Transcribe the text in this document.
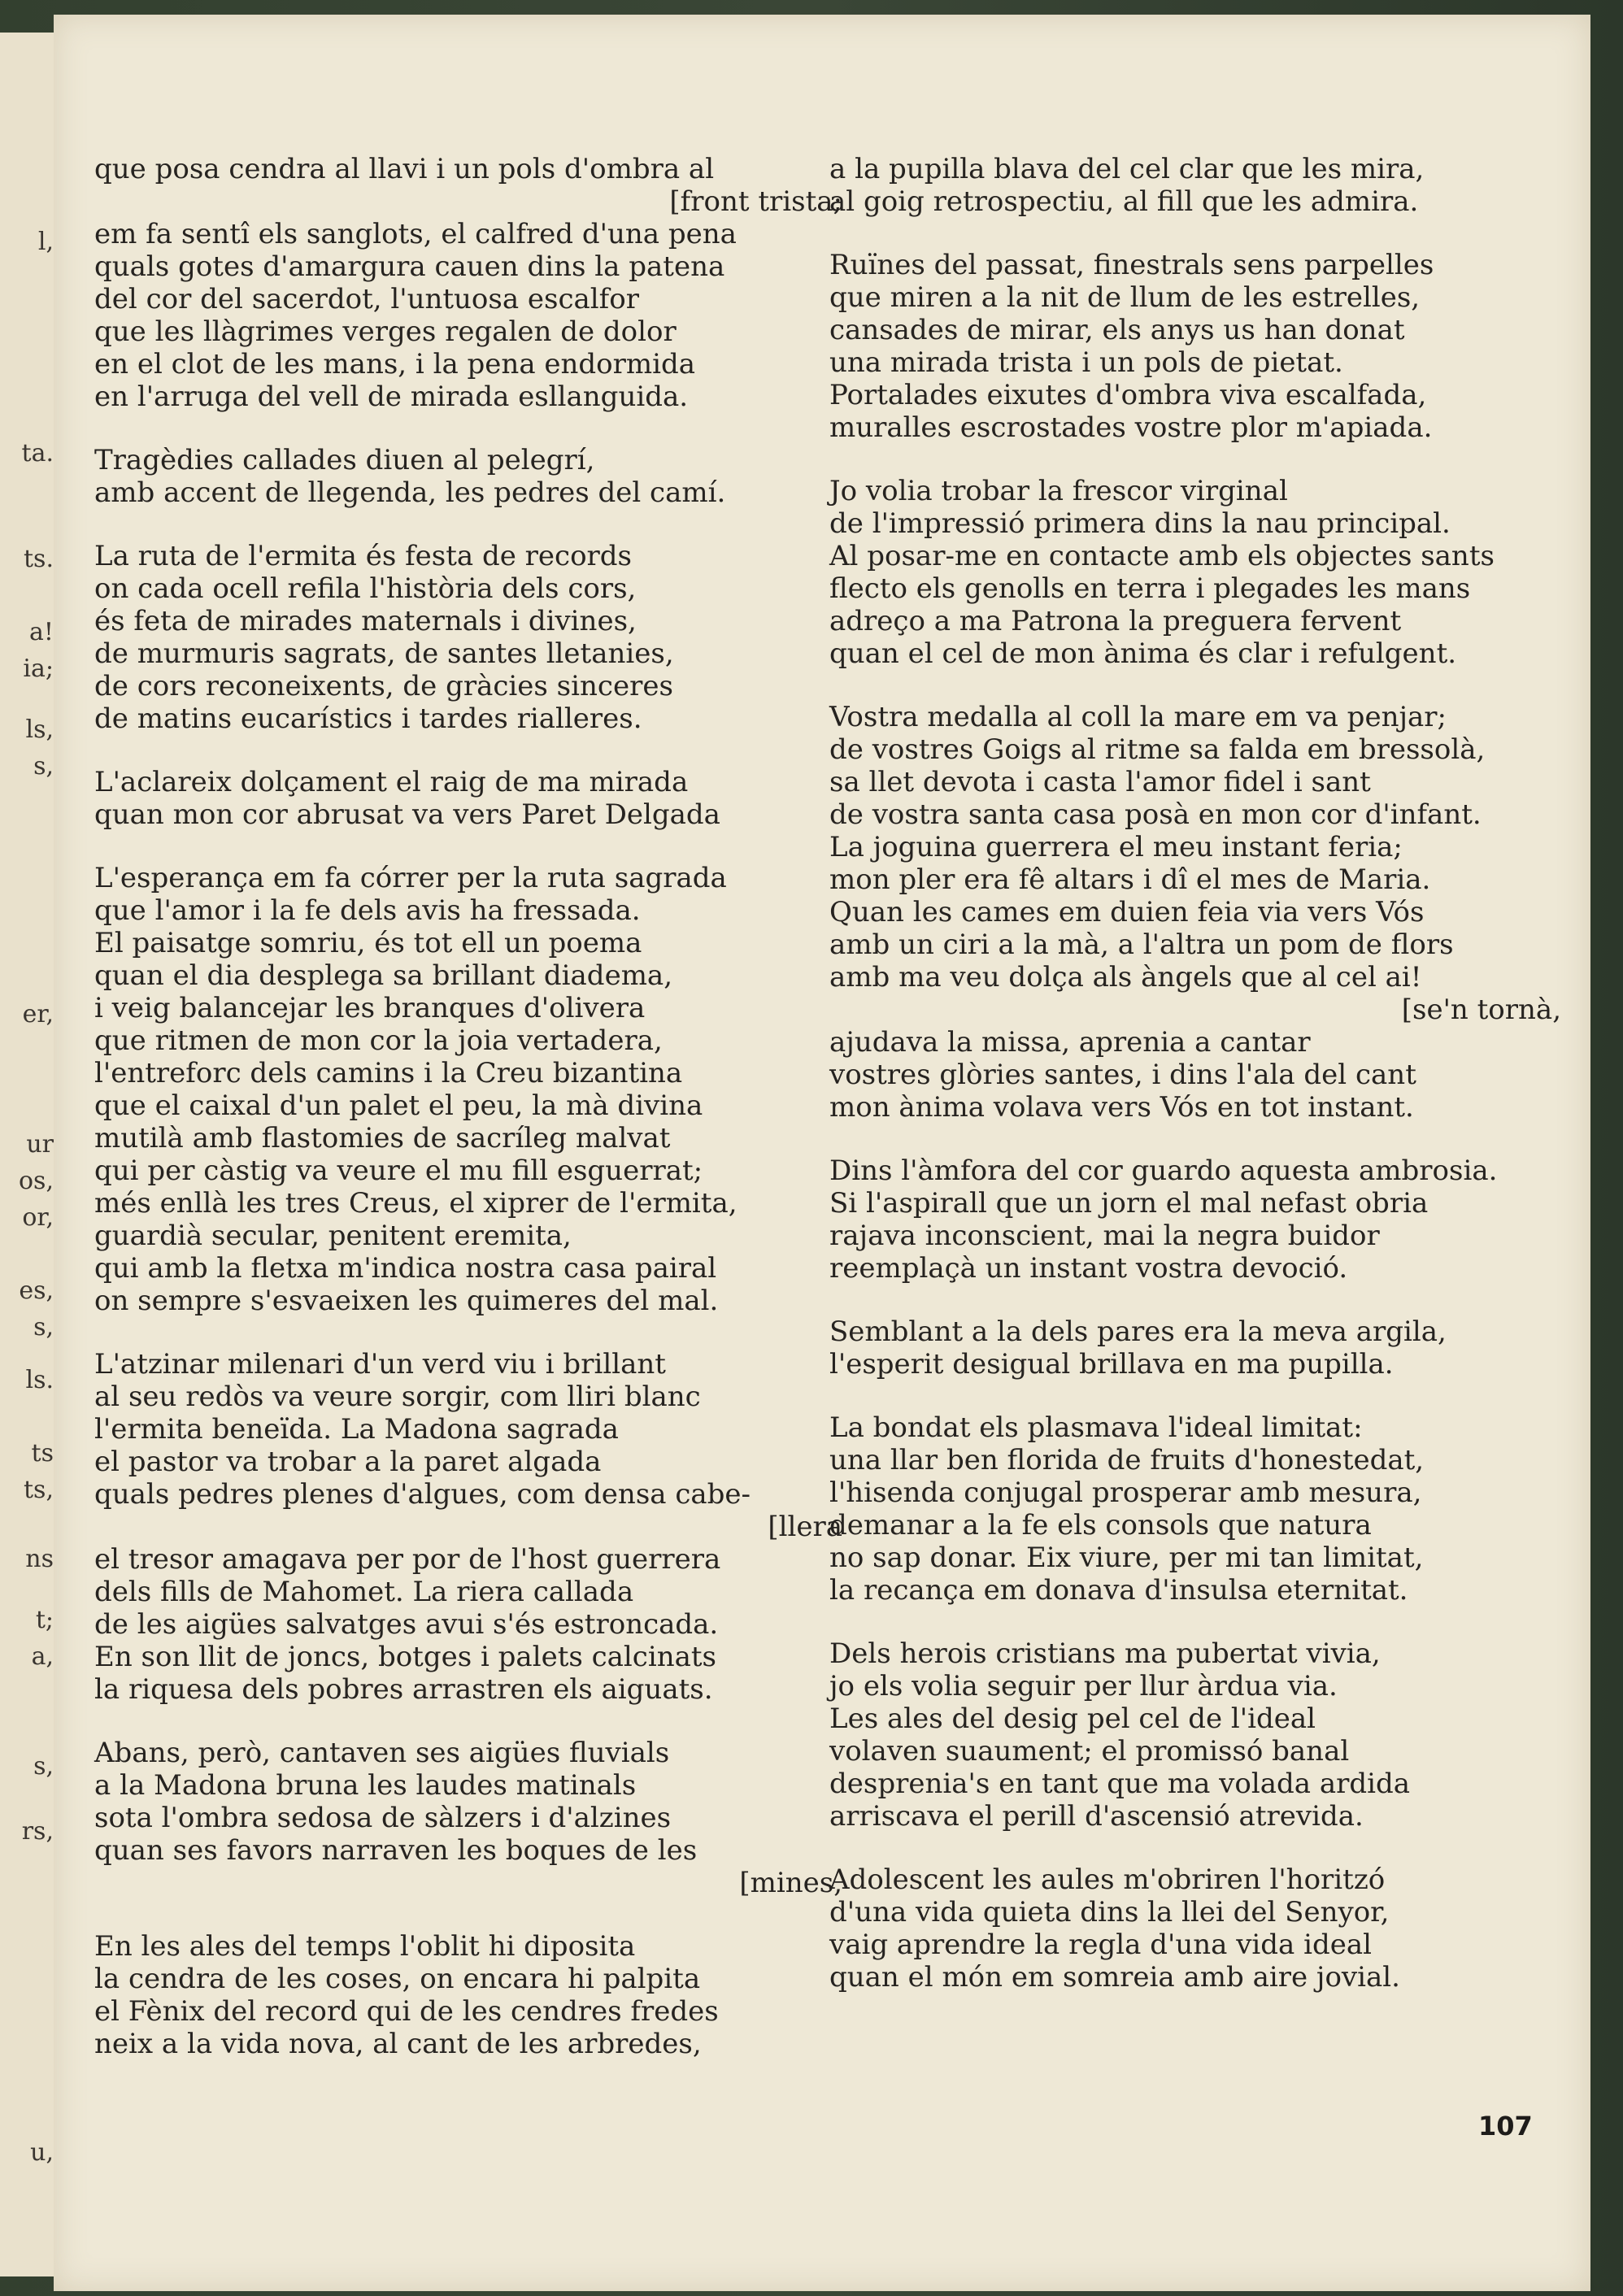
l,
ta.
ts.
a!
ia;
ls,
s,
er,
ur
os,
or,
es,
s,
ls.
ts
ts,
ns
t;
a,
s,
rs,
u,
que posa cendra al llavi i un pols d'ombra al
[front trista;
em fa sentî els sanglots, el calfred d'una pena
quals gotes d'amargura cauen dins la patena
del cor del sacerdot, l'untuosa escalfor
que les llàgrimes verges regalen de dolor
en el clot de les mans, i la pena endormida
en l'arruga del vell de mirada esllanguida.
Tragèdies callades diuen al pelegrí,
amb accent de llegenda, les pedres del camí.
La ruta de l'ermita és festa de records
on cada ocell refila l'història dels cors,
és feta de mirades maternals i divines,
de murmuris sagrats, de santes lletanies,
de cors reconeixents, de gràcies sinceres
de matins eucarístics i tardes rialleres.
L'aclareix dolçament el raig de ma mirada
quan mon cor abrusat va vers Paret Delgada
L'esperança em fa córrer per la ruta sagrada
que l'amor i la fe dels avis ha fressada.
El paisatge somriu, és tot ell un poema
quan el dia desplega sa brillant diadema,
i veig balancejar les branques d'olivera
que ritmen de mon cor la joia vertadera,
l'entreforc dels camins i la Creu bizantina
que el caixal d'un palet el peu, la mà divina
mutilà amb flastomies de sacríleg malvat
qui per càstig va veure el mu fill esguerrat;
més enllà les tres Creus, el xiprer de l'ermita,
guardià secular, penitent eremita,
qui amb la fletxa m'indica nostra casa pairal
on sempre s'esvaeixen les quimeres del mal.
L'atzinar milenari d'un verd viu i brillant
al seu redòs va veure sorgir, com lliri blanc
l'ermita beneïda. La Madona sagrada
el pastor va trobar a la paret algada
quals pedres plenes d'algues, com densa cabe-
[llera
el tresor amagava per por de l'host guerrera
dels fills de Mahomet. La riera callada
de les aigües salvatges avui s'és estroncada.
En son llit de joncs, botges i palets calcinats
la riquesa dels pobres arrastren els aiguats.
Abans, però, cantaven ses aigües fluvials
a la Madona bruna les laudes matinals
sota l'ombra sedosa de sàlzers i d'alzines
quan ses favors narraven les boques de les
[mines,
En les ales del temps l'oblit hi diposita
la cendra de les coses, on encara hi palpita
el Fènix del record qui de les cendres fredes
neix a la vida nova, al cant de les arbredes,
a la pupilla blava del cel clar que les mira,
al goig retrospectiu, al fill que les admira.
Ruïnes del passat, finestrals sens parpelles
que miren a la nit de llum de les estrelles,
cansades de mirar, els anys us han donat
una mirada trista i un pols de pietat.
Portalades eixutes d'ombra viva escalfada,
muralles escrostades vostre plor m'apiada.
Jo volia trobar la frescor virginal
de l'impressió primera dins la nau principal.
Al posar-me en contacte amb els objectes sants
flecto els genolls en terra i plegades les mans
adreço a ma Patrona la preguera fervent
quan el cel de mon ànima és clar i refulgent.
Vostra medalla al coll la mare em va penjar;
de vostres Goigs al ritme sa falda em bressolà,
sa llet devota i casta l'amor fidel i sant
de vostra santa casa posà en mon cor d'infant.
La joguina guerrera el meu instant feria;
mon pler era fê altars i dî el mes de Maria.
Quan les cames em duien feia via vers Vós
amb un ciri a la mà, a l'altra un pom de flors
amb ma veu dolça als àngels que al cel ai!
[se'n tornà,
ajudava la missa, aprenia a cantar
vostres glòries santes, i dins l'ala del cant
mon ànima volava vers Vós en tot instant.
Dins l'àmfora del cor guardo aquesta ambrosia.
Si l'aspirall que un jorn el mal nefast obria
rajava inconscient, mai la negra buidor
reemplaçà un instant vostra devoció.
Semblant a la dels pares era la meva argila,
l'esperit desigual brillava en ma pupilla.
La bondat els plasmava l'ideal limitat:
una llar ben florida de fruits d'honestedat,
l'hisenda conjugal prosperar amb mesura,
demanar a la fe els consols que natura
no sap donar. Eix viure, per mi tan limitat,
la recança em donava d'insulsa eternitat.
Dels herois cristians ma pubertat vivia,
jo els volia seguir per llur àrdua via.
Les ales del desig pel cel de l'ideal
volaven suaument; el promissó banal
desprenia's en tant que ma volada ardida
arriscava el perill d'ascensió atrevida.
Adolescent les aules m'obriren l'horitzó
d'una vida quieta dins la llei del Senyor,
vaig aprendre la regla d'una vida ideal
quan el món em somreia amb aire jovial.
107
